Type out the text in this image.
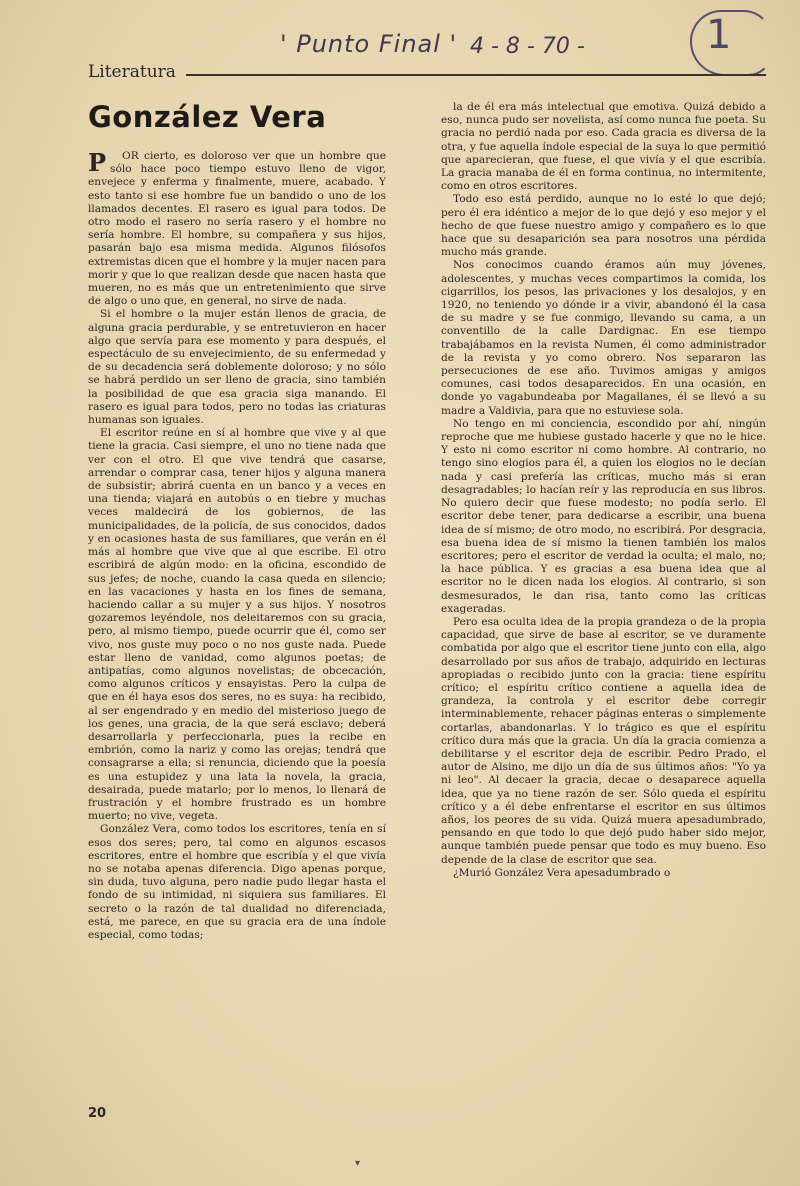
' Punto Final ' 4 - 8 - 70 -	1
Literatura
González Vera

P OR cierto, es doloroso ver que un hombre que sólo hace poco tiempo estuvo lleno de vigor, envejece y enferma y finalmente, muere, acabado. Y esto tanto si ese hombre fue un bandido o uno de los llamados decentes. El rasero es igual para todos. De otro modo el rasero no sería rasero y el hombre no sería hombre. El hombre, su compañera y sus hijos, pasarán bajo esa misma medida. Algunos filósofos extremistas dicen que el hombre y la mujer nacen para morir y que lo que realizan desde que nacen hasta que mueren, no es más que un entretenimiento que sirve de algo o uno que, en general, no sirve de nada.

Si el hombre o la mujer están llenos de gracia, de alguna gracia perdurable, y se entretuvieron en hacer algo que servía para ese momento y para después, el espectáculo de su envejecimiento, de su enfermedad y de su decadencia será doblemente doloroso; y no sólo se habrá perdido un ser lleno de gracia, sino también la posibilidad de que esa gracia siga manando. El rasero es igual para todos, pero no todas las criaturas humanas son iguales.

El escritor reúne en sí al hombre que vive y al que tiene la gracia. Casi siempre, el uno no tiene nada que ver con el otro. El que vive tendrá que casarse, arrendar o comprar casa, tener hijos y alguna manera de subsistir; abrirá cuenta en un banco y a veces en una tienda; viajará en autobús o en tiebre y muchas veces maldecirá de los gobiernos, de las municipalidades, de la policía, de sus conocidos, dados y en ocasiones hasta de sus familiares, que verán en él más al hombre que vive que al que escribe. El otro escribirá de algún modo: en la oficina, escondido de sus jefes; de noche, cuando la casa queda en silencio; en las vacaciones y hasta en los fines de semana, haciendo callar a su mujer y a sus hijos. Y nosotros gozaremos leyéndole, nos deleitaremos con su gracia, pero, al mismo tiempo, puede ocurrir que él, como ser vivo, nos guste muy poco o no nos guste nada. Puede estar lleno de vanidad, como algunos poetas; de antipatías, como algunos novelistas; de obcecación, como algunos críticos y ensayistas. Pero la culpa de que en él haya esos dos seres, no es suya: ha recibido, al ser engendrado y en medio del misterioso juego de los genes, una gracia, de la que será esclavo; deberá desarrollarla y perfeccionarla, pues la recibe en embrión, como la nariz y como las orejas; tendrá que consagrarse a ella; si renuncia, diciendo que la poesía es una estupidez y una lata la novela, la gracia, desairada, puede matarlo; por lo menos, lo llenará de frustración y el hombre frustrado es un hombre muerto; no vive, vegeta.

González Vera, como todos los escritores, tenía en sí esos dos seres; pero, tal como en algunos escasos escritores, entre el hombre que escribía y el que vivía no se notaba apenas diferencia. Digo apenas porque, sin duda, tuvo alguna, pero nadie pudo llegar hasta el fondo de su intimidad, ni siquiera sus familiares. El secreto o la razón de tal dualidad no diferenciada, está, me parece, en que su gracia era de una índole especial, como todas;

la de él era más intelectual que emotiva. Quizá debido a eso, nunca pudo ser novelista, así como nunca fue poeta. Su gracia no perdió nada por eso. Cada gracia es diversa de la otra, y fue aquella índole especial de la suya lo que permitió que aparecieran, que fuese, el que vivía y el que escribía. La gracia manaba de él en forma continua, no intermitente, como en otros escritores.

Todo eso está perdido, aunque no lo esté lo que dejó; pero él era idéntico a mejor de lo que dejó y eso mejor y el hecho de que fuese nuestro amigo y compañero es lo que hace que su desaparición sea para nosotros una pérdida mucho más grande.

Nos conocimos cuando éramos aún muy jóvenes, adolescentes, y muchas veces compartimos la comida, los cigarrillos, los pesos, las privaciones y los desalojos, y en 1920, no teniendo yo dónde ir a vivir, abandonó él la casa de su madre y se fue conmigo, llevando su cama, a un conventillo de la calle Dardignac. En ese tiempo trabajábamos en la revista Numen, él como administrador de la revista y yo como obrero. Nos separaron las persecuciones de ese año. Tuvimos amigas y amigos comunes, casi todos desaparecidos. En una ocasión, en donde yo vagabundeaba por Magallanes, él se llevó a su madre a Valdivia, para que no estuviese sola.

No tengo en mi conciencia, escondido por ahí, ningún reproche que me hubiese gustado hacerle y que no le hice. Y esto ni como escritor ni como hombre. Al contrario, no tengo sino elogios para él, a quien los elogios no le decían nada y casi prefería las críticas, mucho más si eran desagradables; lo hacían reír y las reproducía en sus libros. No quiero decir que fuese modesto; no podía serlo. El escritor debe tener, para dedicarse a escribir, una buena idea de sí mismo; de otro modo, no escribirá. Por desgracia, esa buena idea de sí mismo la tienen también los malos escritores; pero el escritor de verdad la oculta; el malo, no; la hace pública. Y es gracias a esa buena idea que al escritor no le dicen nada los elogios. Al contrario, si son desmesurados, le dan risa, tanto como las críticas exageradas.

Pero esa oculta idea de la propia grandeza o de la propia capacidad, que sirve de base al escritor, se ve duramente combatida por algo que el escritor tiene junto con ella, algo desarrollado por sus años de trabajo, adquirido en lecturas apropiadas o recibido junto con la gracia: tiene espíritu crítico; el espíritu crítico contiene a aquella idea de grandeza, la controla y el escritor debe corregir interminablemente, rehacer páginas enteras o simplemente cortarlas, abandonarlas. Y lo trágico es que el espíritu crítico dura más que la gracia. Un día la gracia comienza a debilitarse y el escritor deja de escribir. Pedro Prado, el autor de Alsino, me dijo un día de sus últimos años: "Yo ya ni leo". Al decaer la gracia, decae o desaparece aquella idea, que ya no tiene razón de ser. Sólo queda el espíritu crítico y a él debe enfrentarse el escritor en sus últimos años, los peores de su vida. Quizá muera apesadumbrado, pensando en que todo lo que dejó pudo haber sido mejor, aunque también puede pensar que todo es muy bueno. Eso depende de la clase de escritor que sea.

¿Murió González Vera apesadumbrado o

20
▾
